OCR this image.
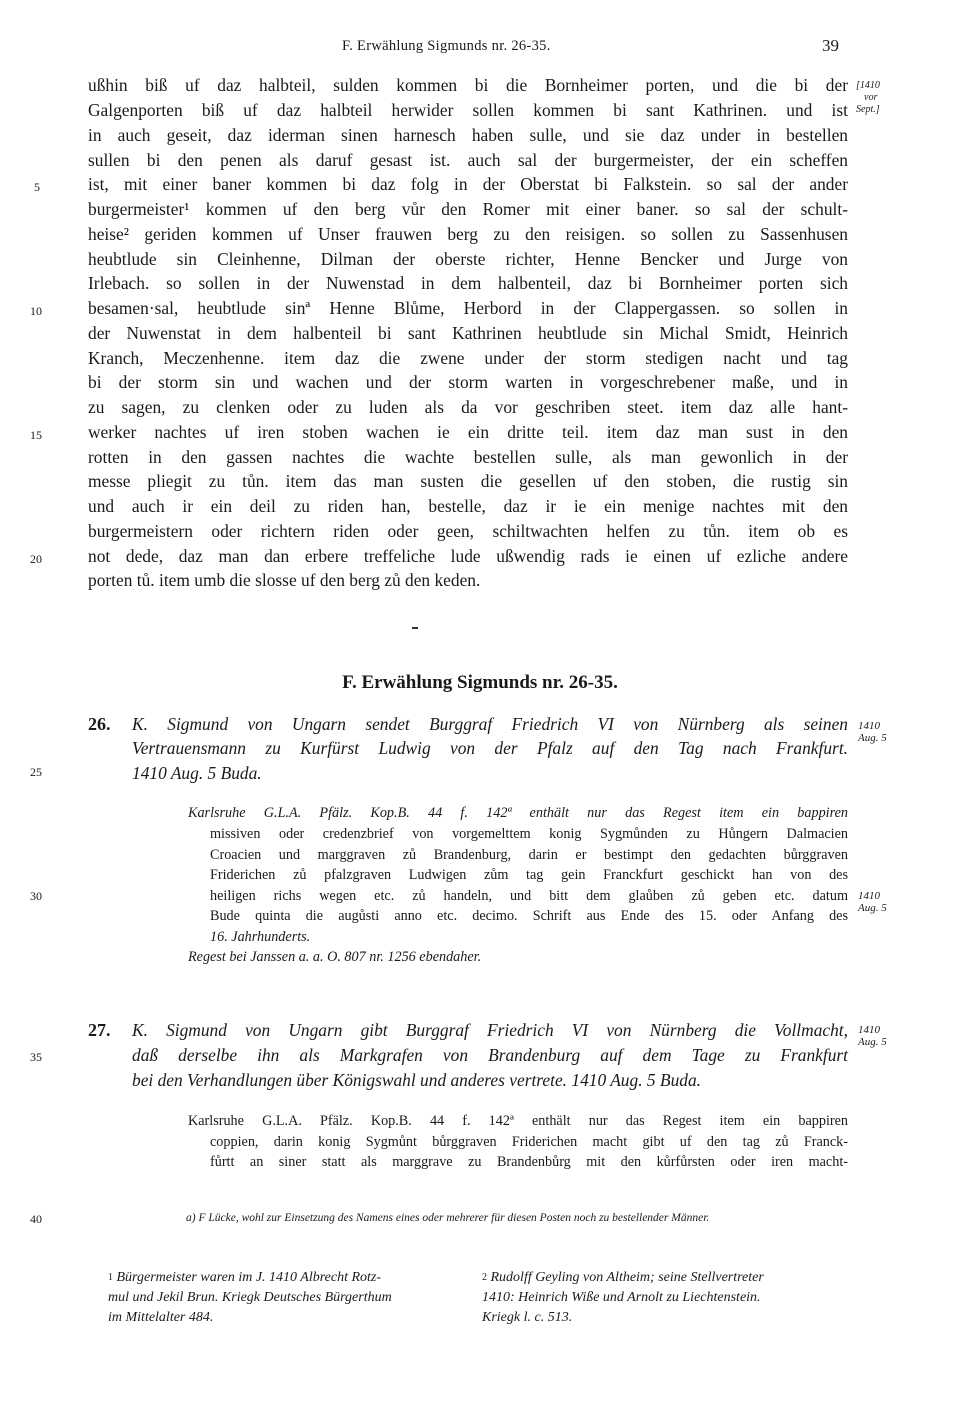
F. Erwählung Sigmunds nr. 26-35.	39
[1410
vor
Sept.]
ußhin biß uf daz halbteil, sulden kommen bi die Bornheimer porten, und die bi der
Galgenporten biß uf daz halbteil herwider sollen kommen bi sant Kathrinen. und ist
in auch geseit, daz iderman sinen harnesch haben sulle, und sie daz under in bestellen
sullen bi den penen als daruf gesast ist. auch sal der burgermeister, der ein scheffen
ist, mit einer baner kommen bi daz folg in der Oberstat bi Falkstein. so sal der ander
burgermeister¹ kommen uf den berg vůr den Romer mit einer baner. so sal der schult-
heise² geriden kommen uf Unser frauwen berg zu den reisigen. so sollen zu Sassenhusen
heubtlude sin Cleinhenne, Dilman der oberste richter, Henne Bencker und Jurge von
Irlebach. so sollen in der Nuwenstad in dem halbenteil, daz bi Bornheimer porten sich
besamen·sal, heubtlude sinª Henne Blůme, Herbord in der Clappergassen. so sollen in
der Nuwenstat in dem halbenteil bi sant Kathrinen heubtlude sin Michal Smidt, Heinrich
Kranch, Meczenhenne. item daz die zwene under der storm stedigen nacht und tag
bi der storm sin und wachen und der storm warten in vorgeschrebener maße, und in
zu sagen, zu clenken oder zu luden als da vor geschriben steet. item daz alle hant-
werker nachtes uf iren stoben wachen ie ein dritte teil. item daz man sust in den
rotten in den gassen nachtes die wachte bestellen sulle, als man gewonlich in der
messe pliegit zu tůn. item das man susten die gesellen uf den stoben, die rustig sin
und auch ir ein deil zu riden han, bestelle, daz ir ie ein menige nachtes mit den
burgermeistern oder richtern riden oder geen, schiltwachten helfen zu tůn. item ob es
not dede, daz man dan erbere treffeliche lude ußwendig rads ie einen uf ezliche andere
porten tů. item umb die slosse uf den berg zů den keden.
5
10
15
20
25
30
35
40
F. Erwählung Sigmunds nr. 26-35.
26. K. Sigmund von Ungarn sendet Burggraf Friedrich VI von Nürnberg als seinen
Vertrauensmann zu Kurfürst Ludwig von der Pfalz auf den Tag nach Frankfurt.
1410 Aug. 5 Buda.
1410
Aug. 5
Karlsruhe G.L.A. Pfälz. Kop.B. 44 f. 142ª enthält nur das Regest item ein bappiren
missiven oder credenzbrief von vorgemelttem konig Sygmůnden zu Hůngern Dalmacien
Croacien und marggraven zů Brandenburg, darin er bestimpt den gedachten bůrggraven
Friderichen zů pfalzgraven Ludwigen zům tag gein Franckfurt geschickt han von des
heiligen richs wegen etc. zů handeln, und bitt dem glaůben zů geben etc. datum
Bude quinta die augůsti anno etc. decimo. Schrift aus Ende des 15. oder Anfang des
16. Jahrhunderts.
Regest bei Janssen a. a. O. 807 nr. 1256 ebendaher.
1410
Aug. 5
27. K. Sigmund von Ungarn gibt Burggraf Friedrich VI von Nürnberg die Vollmacht,
daß derselbe ihn als Markgrafen von Brandenburg auf dem Tage zu Frankfurt
bei den Verhandlungen über Königswahl und anderes vertrete. 1410 Aug. 5 Buda.
1410
Aug. 5
Karlsruhe G.L.A. Pfälz. Kop.B. 44 f. 142ª enthält nur das Regest item ein bappiren
coppien, darin konig Sygmůnt bůrggraven Friderichen macht gibt uf den tag zů Franck-
fůrtt an siner statt als marggrave zu Brandenbůrg mit den kůrfůrsten oder iren macht-
a) F Lücke, wohl zur Einsetzung des Namens eines oder mehrerer für diesen Posten noch zu bestellender Männer.
$^1$ Bürgermeister waren im J. 1410 Albrecht Rotz-
mul und Jekil Brun. Kriegk Deutsches Bürgerthum
im Mittelalter 484.
$^2$ Rudolff Geyling von Altheim; seine Stellvertreter
1410: Heinrich Wiße und Arnolt zu Liechtenstein.
Kriegk l. c. 513.
